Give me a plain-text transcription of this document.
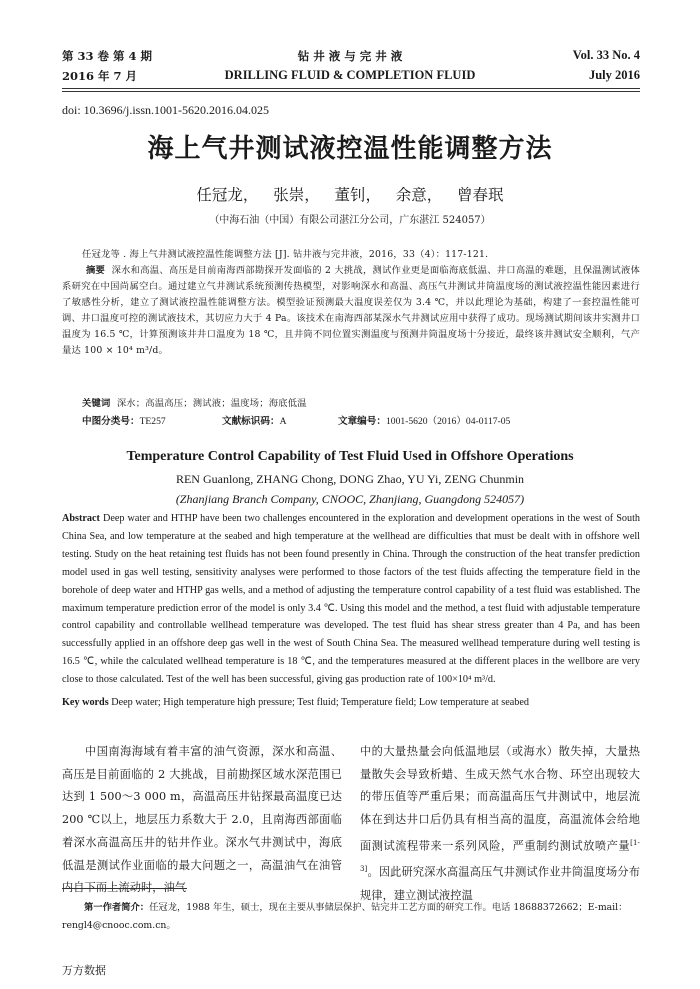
第 33 卷 第 4 期	钻 井 液 与 完 井 液	Vol. 33 No. 4
2016 年 7 月	DRILLING FLUID & COMPLETION FLUID	July 2016
doi: 10.3696/j.issn.1001-5620.2016.04.025
海上气井测试液控温性能调整方法
任冠龙，   张崇，   董钊，   余意，   曾春珉
（中海石油（中国）有限公司湛江分公司，广东湛江 524057）
任冠龙等 . 海上气井测试液控温性能调整方法 [J]. 钻井液与完井液，2016，33（4）：117-121.
摘要 深水和高温、高压是目前南海西部勘探开发面临的 2 大挑战，测试作业更是面临海底低温、井口高温的难题，且保温测试液体系研究在中国尚属空白。通过建立气井测试系统预测传热模型，对影响深水和高温、高压气井测试井筒温度场的测试液控温性能因素进行了敏感性分析，建立了测试液控温性能调整方法。模型验证预测最大温度误差仅为 3.4 ℃，并以此理论为基础，构建了一套控温性能可调、井口温度可控的测试液技术，其切应力大于 4 Pa。该技术在南海西部某深水气井测试应用中获得了成功。现场测试期间该井实测井口温度为 16.5 ℃，计算预测该井井口温度为 18 ℃，且井筒不同位置实测温度与预测井筒温度场十分接近，最终该井测试安全顺利，气产量达 100 × 10⁴ m³/d。
关键词 深水；高温高压；测试液；温度场；海底低温
中图分类号：TE257	文献标识码：A	文章编号：1001-5620（2016）04-0117-05
Temperature Control Capability of Test Fluid Used in Offshore Operations
REN Guanlong, ZHANG Chong, DONG Zhao, YU Yi, ZENG Chunmin
(Zhanjiang Branch Company, CNOOC, Zhanjiang, Guangdong 524057)
Abstract Deep water and HTHP have been two challenges encountered in the exploration and development operations in the west of South China Sea, and low temperature at the seabed and high temperature at the wellhead are difficulties that must be dealt with in offshore well testing. Study on the heat retaining test fluids has not been found presently in China. Through the construction of the heat transfer prediction model used in gas well testing, sensitivity analyses were performed to those factors of the test fluids affecting the temperature field in the borehole of deep water and HTHP gas wells, and a method of adjusting the temperature control capability of a test fluid was established. The maximum temperature prediction error of the model is only 3.4 ℃. Using this model and the method, a test fluid with adjustable temperature control capability and controllable wellhead temperature was developed. The test fluid has shear stress greater than 4 Pa, and has been successfully applied in an offshore deep gas well in the west of South China Sea. The measured wellhead temperature during well testing is 16.5 ℃, while the calculated wellhead temperature is 18 ℃, and the temperatures measured at the different places in the wellbore are very close to those calculated. Test of the well has been successful, giving gas production rate of 100×10⁴ m³/d.
Key words Deep water; High temperature high pressure; Test fluid; Temperature field; Low temperature at seabed
中国南海海域有着丰富的油气资源，深水和高温、高压是目前面临的 2 大挑战，目前勘探区域水深范围已达到 1 500～3 000 m，高温高压井钻探最高温度已达 200 ℃以上，地层压力系数大于 2.0，且南海西部面临着深水高温高压井的钻井作业。深水气井测试中，海底低温是测试作业面临的最大问题之一，高温油气在油管内自下而上流动时，油气
中的大量热量会向低温地层（或海水）散失掉，大量热量散失会导致析蜡、生成天然气水合物、环空出现较大的带压值等严重后果；而高温高压气井测试中，地层流体在到达井口后仍具有相当高的温度，高温流体会给地面测试流程带来一系列风险，严重制约测试放喷产量[1-3]。因此研究深水高温高压气井测试作业井筒温度场分布规律，建立测试液控温
第一作者简介：任冠龙，1988 年生，硕士，现在主要从事储层保护、钻完井工艺方面的研究工作。电话 18688372662；E-mail：rengl4@cnooc.com.cn。
万方数据
